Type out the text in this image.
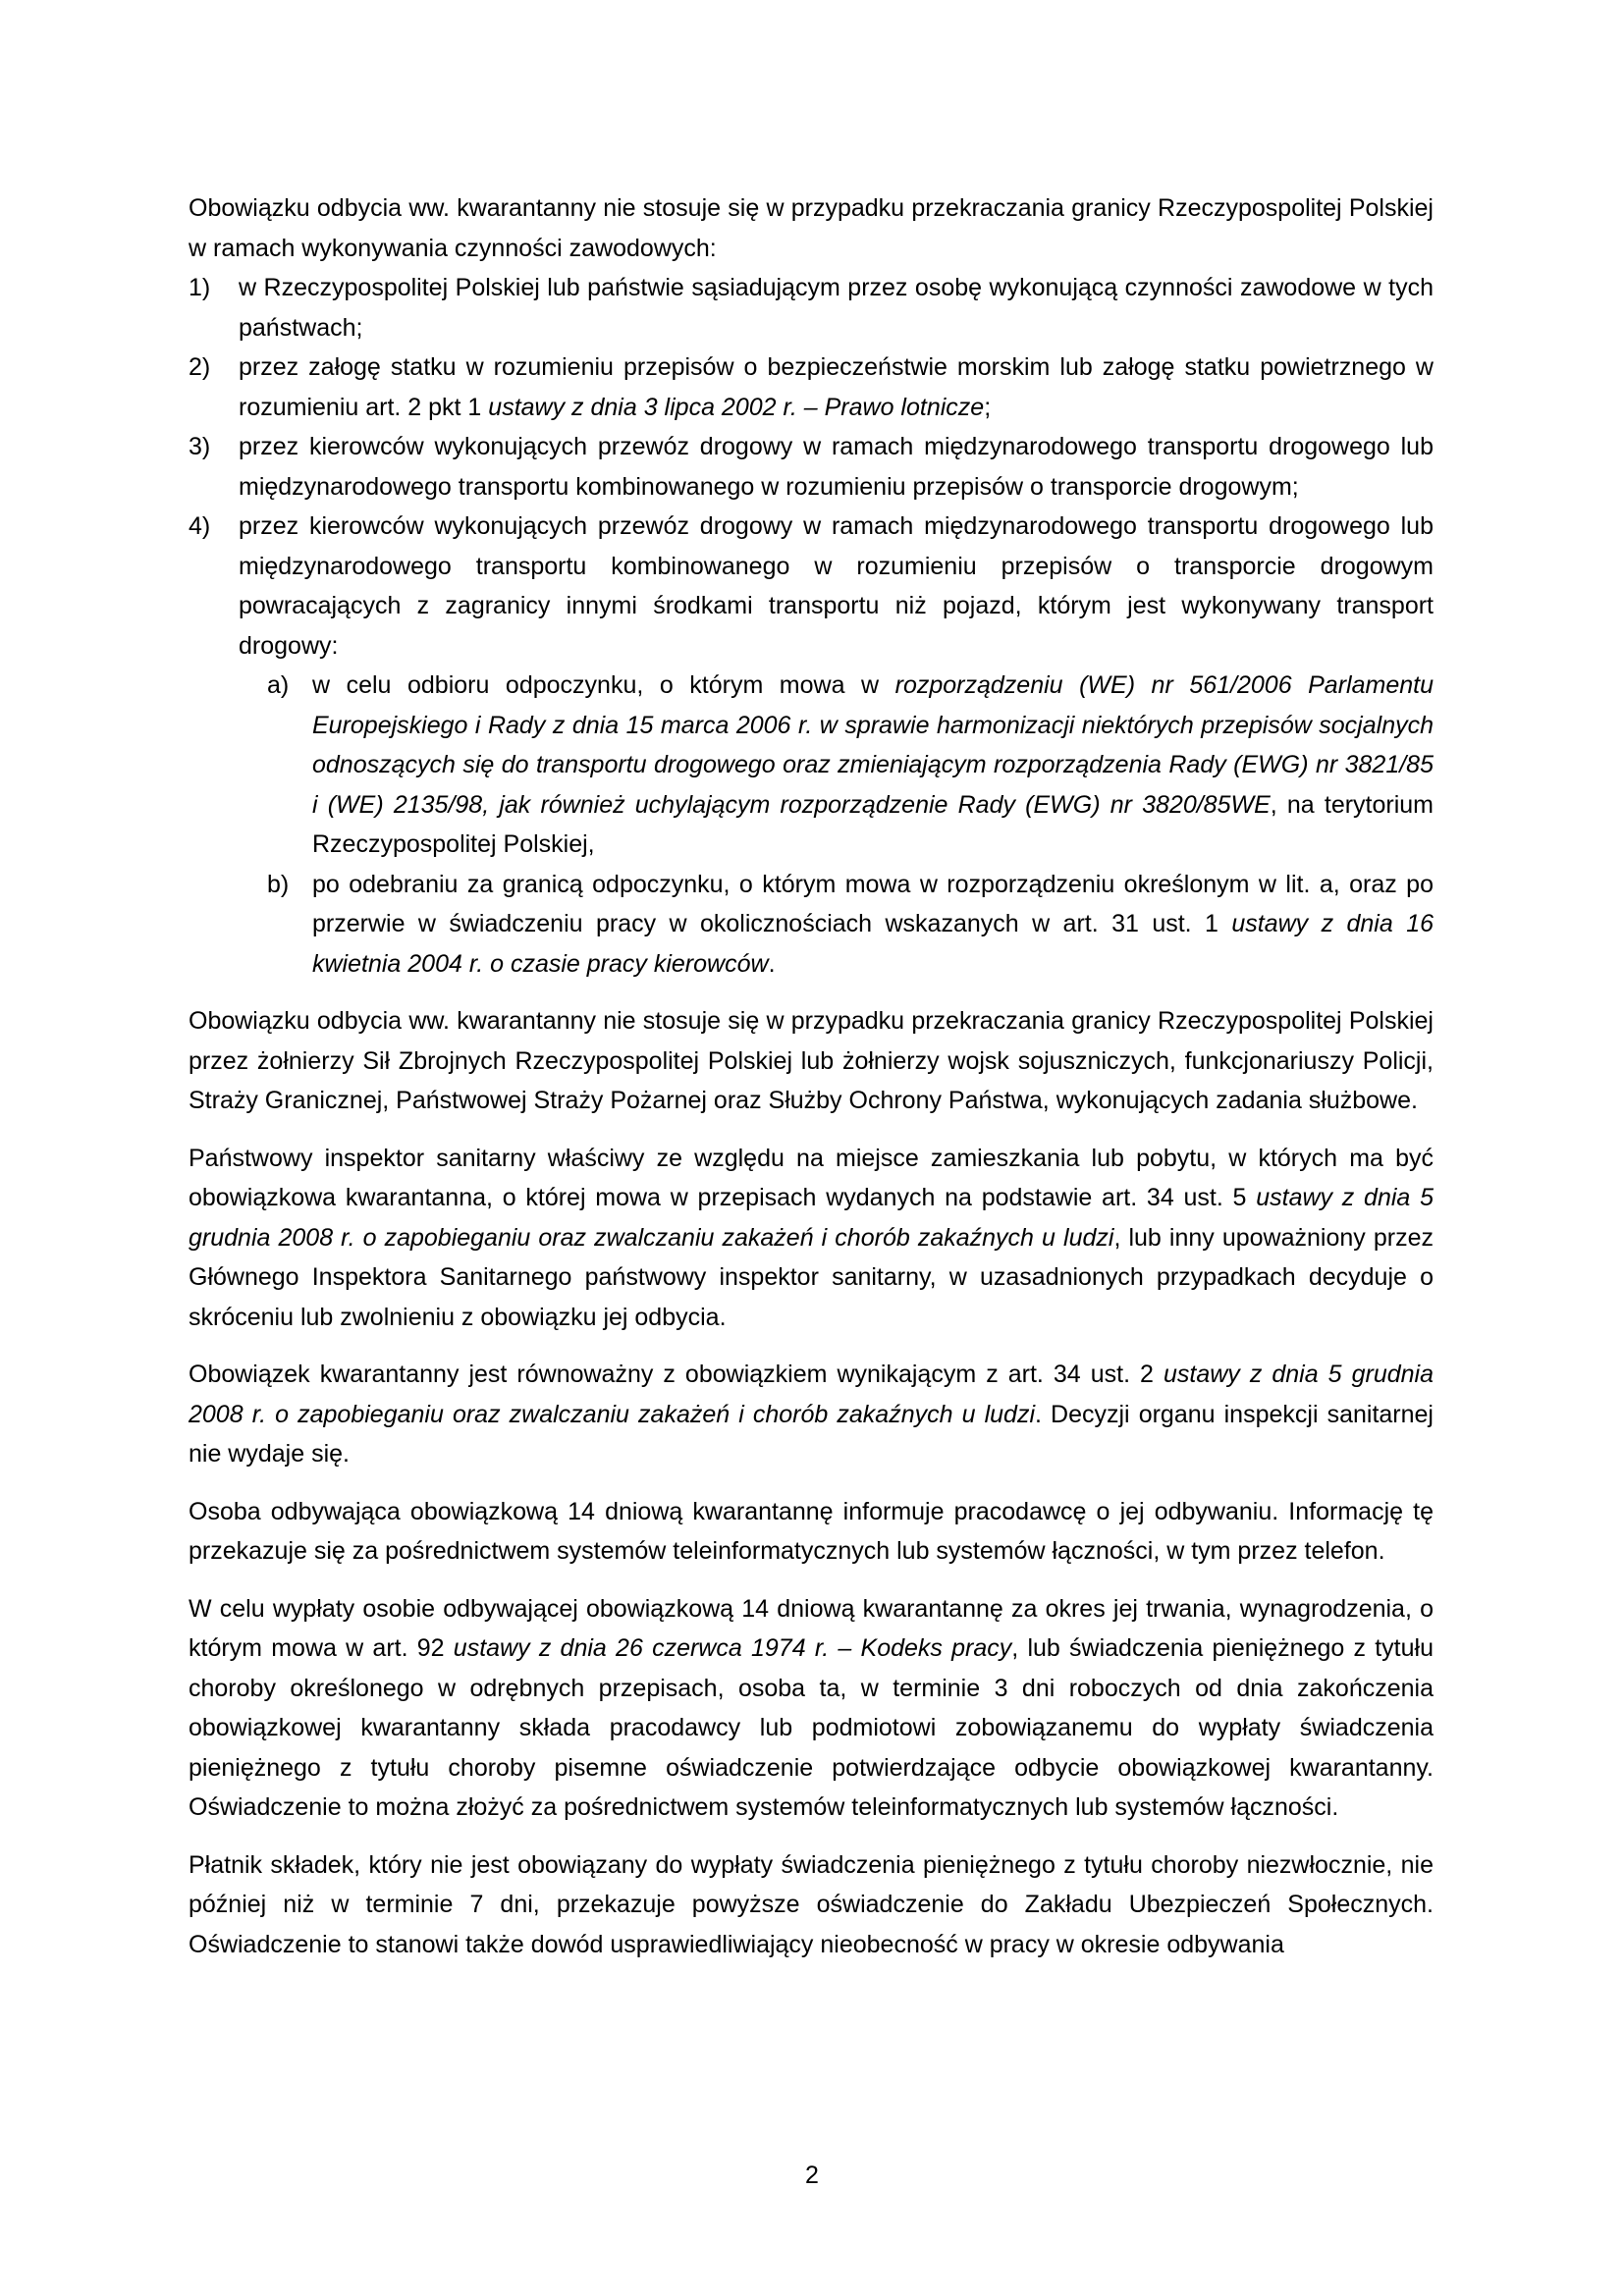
Obowiązku odbycia ww. kwarantanny nie stosuje się w przypadku przekraczania granicy Rzeczypospolitej Polskiej w ramach wykonywania czynności zawodowych:

1) w Rzeczypospolitej Polskiej lub państwie sąsiadującym przez osobę wykonującą czynności zawodowe w tych państwach;
2) przez załogę statku w rozumieniu przepisów o bezpieczeństwie morskim lub załogę statku powietrznego w rozumieniu art. 2 pkt 1 ustawy z dnia 3 lipca 2002 r. – Prawo lotnicze;
3) przez kierowców wykonujących przewóz drogowy w ramach międzynarodowego transportu drogowego lub międzynarodowego transportu kombinowanego w rozumieniu przepisów o transporcie drogowym;
4) przez kierowców wykonujących przewóz drogowy w ramach międzynarodowego transportu drogowego lub międzynarodowego transportu kombinowanego w rozumieniu przepisów o transporcie drogowym powracających z zagranicy innymi środkami transportu niż pojazd, którym jest wykonywany transport drogowy:
a) w celu odbioru odpoczynku, o którym mowa w rozporządzeniu (WE) nr 561/2006 Parlamentu Europejskiego i Rady z dnia 15 marca 2006 r. w sprawie harmonizacji niektórych przepisów socjalnych odnoszących się do transportu drogowego oraz zmieniającym rozporządzenia Rady (EWG) nr 3821/85 i (WE) 2135/98, jak również uchylającym rozporządzenie Rady (EWG) nr 3820/85WE, na terytorium Rzeczypospolitej Polskiej,
b) po odebraniu za granicą odpoczynku, o którym mowa w rozporządzeniu określonym w lit. a, oraz po przerwie w świadczeniu pracy w okolicznościach wskazanych w art. 31 ust. 1 ustawy z dnia 16 kwietnia 2004 r. o czasie pracy kierowców.

Obowiązku odbycia ww. kwarantanny nie stosuje się w przypadku przekraczania granicy Rzeczypospolitej Polskiej przez żołnierzy Sił Zbrojnych Rzeczypospolitej Polskiej lub żołnierzy wojsk sojuszniczych, funkcjonariuszy Policji, Straży Granicznej, Państwowej Straży Pożarnej oraz Służby Ochrony Państwa, wykonujących zadania służbowe.

Państwowy inspektor sanitarny właściwy ze względu na miejsce zamieszkania lub pobytu, w których ma być obowiązkowa kwarantanna, o której mowa w przepisach wydanych na podstawie art. 34 ust. 5 ustawy z dnia 5 grudnia 2008 r. o zapobieganiu oraz zwalczaniu zakażeń i chorób zakaźnych u ludzi, lub inny upoważniony przez Głównego Inspektora Sanitarnego państwowy inspektor sanitarny, w uzasadnionych przypadkach decyduje o skróceniu lub zwolnieniu z obowiązku jej odbycia.

Obowiązek kwarantanny jest równoważny z obowiązkiem wynikającym z art. 34 ust. 2 ustawy z dnia 5 grudnia 2008 r. o zapobieganiu oraz zwalczaniu zakażeń i chorób zakaźnych u ludzi. Decyzji organu inspekcji sanitarnej nie wydaje się.

Osoba odbywająca obowiązkową 14 dniową kwarantannę informuje pracodawcę o jej odbywaniu. Informację tę przekazuje się za pośrednictwem systemów teleinformatycznych lub systemów łączności, w tym przez telefon.

W celu wypłaty osobie odbywającej obowiązkową 14 dniową kwarantannę za okres jej trwania, wynagrodzenia, o którym mowa w art. 92 ustawy z dnia 26 czerwca 1974 r. – Kodeks pracy, lub świadczenia pieniężnego z tytułu choroby określonego w odrębnych przepisach, osoba ta, w terminie 3 dni roboczych od dnia zakończenia obowiązkowej kwarantanny składa pracodawcy lub podmiotowi zobowiązanemu do wypłaty świadczenia pieniężnego z tytułu choroby pisemne oświadczenie potwierdzające odbycie obowiązkowej kwarantanny. Oświadczenie to można złożyć za pośrednictwem systemów teleinformatycznych lub systemów łączności.

Płatnik składek, który nie jest obowiązany do wypłaty świadczenia pieniężnego z tytułu choroby niezwłocznie, nie później niż w terminie 7 dni, przekazuje powyższe oświadczenie do Zakładu Ubezpieczeń Społecznych. Oświadczenie to stanowi także dowód usprawiedliwiający nieobecność w pracy w okresie odbywania

2
